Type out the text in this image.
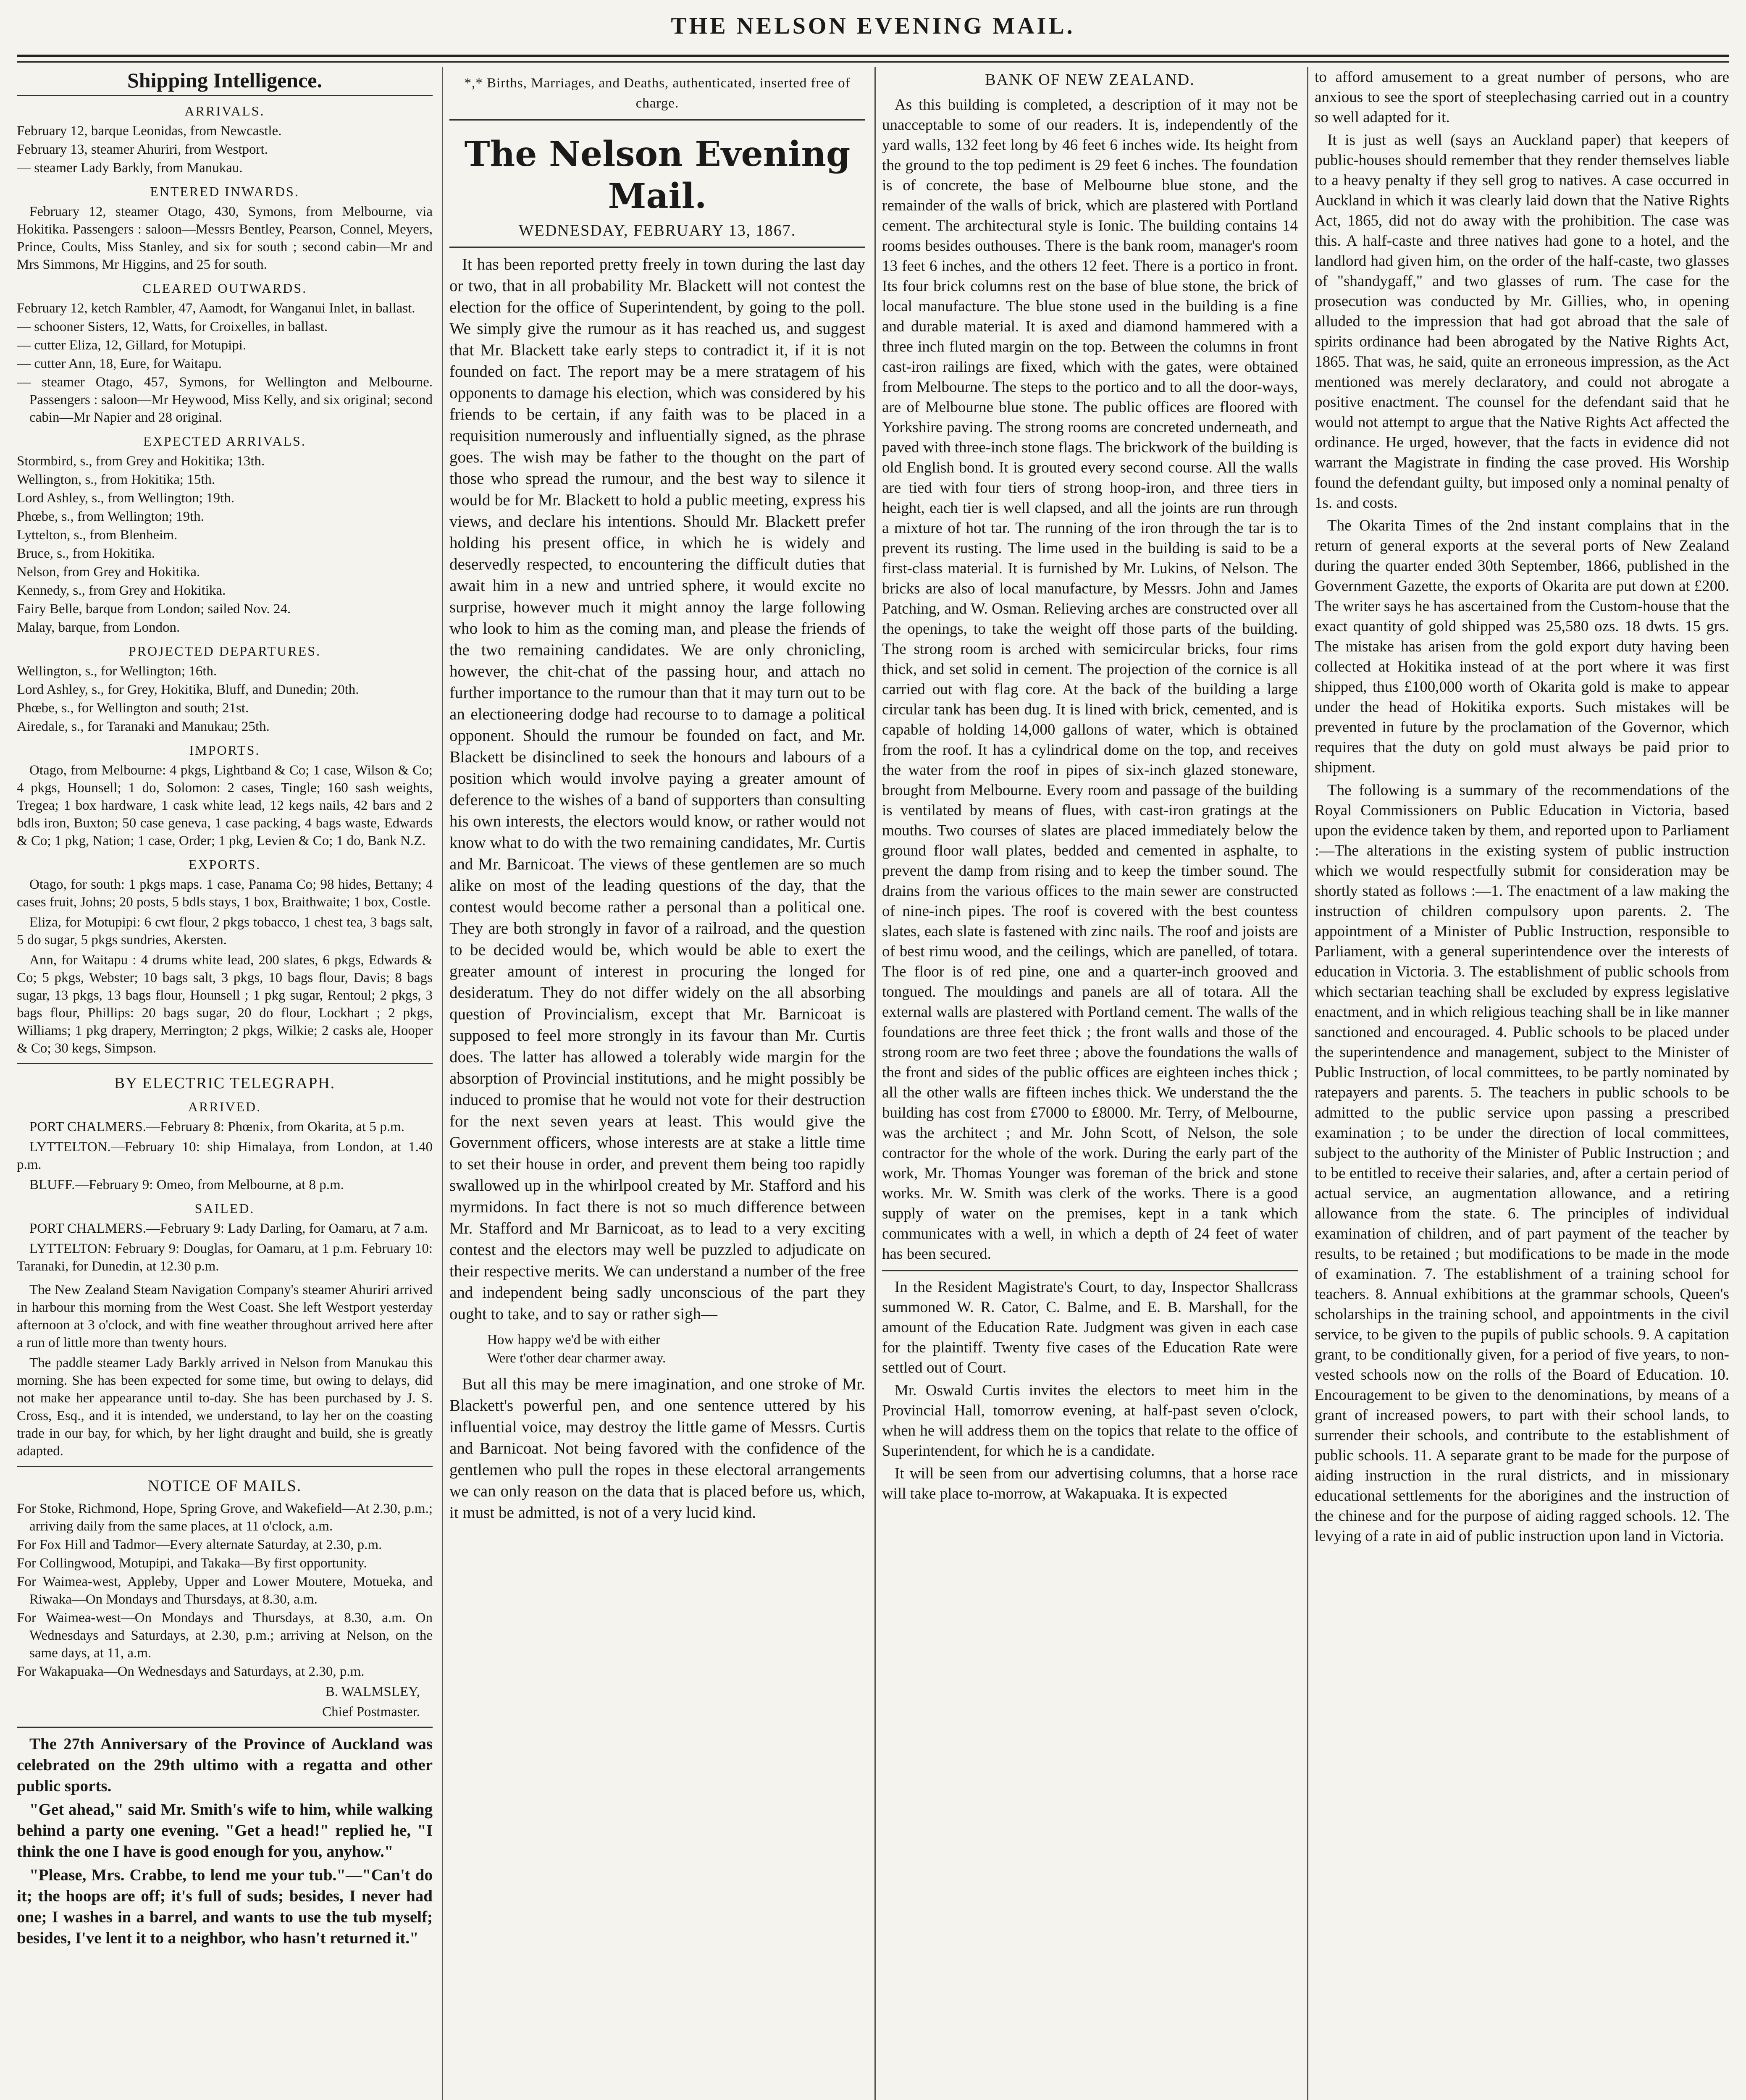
THE NELSON EVENING MAIL.
Shipping Intelligence.
ARRIVALS.
February 12, barque Leonidas, from Newcastle.
February 13, steamer Ahuriri, from Westport.
— steamer Lady Barkly, from Manukau.
ENTERED INWARDS.
February 12, steamer Otago, 430, Symons, from Melbourne, via Hokitika. Passengers : saloon—Messrs Bentley, Pearson, Connel, Meyers, Prince, Coults, Miss Stanley, and six for south ; second cabin—Mr and Mrs Simmons, Mr Higgins, and 25 for south.
CLEARED OUTWARDS.
February 12, ketch Rambler, 47, Aamodt, for Wanganui Inlet, in ballast.
— schooner Sisters, 12, Watts, for Croixelles, in ballast.
— cutter Eliza, 12, Gillard, for Motupipi.
— cutter Ann, 18, Eure, for Waitapu.
— steamer Otago, 457, Symons, for Wellington and Melbourne. Passengers : saloon—Mr Heywood, Miss Kelly, and six original; second cabin—Mr Napier and 28 original.
EXPECTED ARRIVALS.
Stormbird, s., from Grey and Hokitika; 13th.
Wellington, s., from Hokitika; 15th.
Lord Ashley, s., from Wellington; 19th.
Phœbe, s., from Wellington; 19th.
Lyttelton, s., from Blenheim.
Bruce, s., from Hokitika.
Nelson, from Grey and Hokitika.
Kennedy, s., from Grey and Hokitika.
Fairy Belle, barque from London; sailed Nov. 24.
Malay, barque, from London.
PROJECTED DEPARTURES.
Wellington, s., for Wellington; 16th.
Lord Ashley, s., for Grey, Hokitika, Bluff, and Dunedin; 20th.
Phœbe, s., for Wellington and south; 21st.
Airedale, s., for Taranaki and Manukau; 25th.
IMPORTS.
Otago, from Melbourne: 4 pkgs, Lightband & Co; 1 case, Wilson & Co; 4 pkgs, Hounsell; 1 do, Solomon: 2 cases, Tingle; 160 sash weights, Tregea; 1 box hardware, 1 cask white lead, 12 kegs nails, 42 bars and 2 bdls iron, Buxton; 50 case geneva, 1 case packing, 4 bags waste, Edwards & Co; 1 pkg, Nation; 1 case, Order; 1 pkg, Levien & Co; 1 do, Bank N.Z.
EXPORTS.
Otago, for south: 1 pkgs maps. 1 case, Panama Co; 98 hides, Bettany; 4 cases fruit, Johns; 20 posts, 5 bdls stays, 1 box, Braithwaite; 1 box, Costle.
Eliza, for Motupipi: 6 cwt flour, 2 pkgs tobacco, 1 chest tea, 3 bags salt, 5 do sugar, 5 pkgs sundries, Akersten.
Ann, for Waitapu : 4 drums white lead, 200 slates, 6 pkgs, Edwards & Co; 5 pkgs, Webster; 10 bags salt, 3 pkgs, 10 bags flour, Davis; 8 bags sugar, 13 pkgs, 13 bags flour, Hounsell ; 1 pkg sugar, Rentoul; 2 pkgs, 3 bags flour, Phillips: 20 bags sugar, 20 do flour, Lockhart ; 2 pkgs, Williams; 1 pkg drapery, Merrington; 2 pkgs, Wilkie; 2 casks ale, Hooper & Co; 30 kegs, Simpson.
BY ELECTRIC TELEGRAPH.
ARRIVED.
PORT CHALMERS.—February 8: Phœnix, from Okarita, at 5 p.m.
LYTTELTON.—February 10: ship Himalaya, from London, at 1.40 p.m.
BLUFF.—February 9: Omeo, from Melbourne, at 8 p.m.
SAILED.
PORT CHALMERS.—February 9: Lady Darling, for Oamaru, at 7 a.m.
LYTTELTON: February 9: Douglas, for Oamaru, at 1 p.m. February 10: Taranaki, for Dunedin, at 12.30 p.m.
The New Zealand Steam Navigation Company's steamer Ahuriri arrived in harbour this morning from the West Coast. She left Westport yesterday afternoon at 3 o'clock, and with fine weather throughout arrived here after a run of little more than twenty hours.
The paddle steamer Lady Barkly arrived in Nelson from Manukau this morning. She has been expected for some time, but owing to delays, did not make her appearance until to-day. She has been purchased by J. S. Cross, Esq., and it is intended, we understand, to lay her on the coasting trade in our bay, for which, by her light draught and build, she is greatly adapted.
NOTICE OF MAILS.
For Stoke, Richmond, Hope, Spring Grove, and Wakefield—At 2.30, p.m.; arriving daily from the same places, at 11 o'clock, a.m.
For Fox Hill and Tadmor—Every alternate Saturday, at 2.30, p.m.
For Collingwood, Motupipi, and Takaka—By first opportunity.
For Waimea-west, Appleby, Upper and Lower Moutere, Motueka, and Riwaka—On Mondays and Thursdays, at 8.30, a.m.
For Waimea-west—On Mondays and Thursdays, at 8.30, a.m. On Wednesdays and Saturdays, at 2.30, p.m.; arriving at Nelson, on the same days, at 11, a.m.
For Wakapuaka—On Wednesdays and Saturdays, at 2.30, p.m.
B. WALMSLEY,
Chief Postmaster.

The 27th Anniversary of the Province of Auckland was celebrated on the 29th ultimo with a regatta and other public sports.

"Get ahead," said Mr. Smith's wife to him, while walking behind a party one evening. "Get a head!" replied he, "I think the one I have is good enough for you, anyhow."

"Please, Mrs. Crabbe, to lend me your tub."—"Can't do it; the hoops are off; it's full of suds; besides, I never had one; I washes in a barrel, and wants to use the tub myself; besides, I've lent it to a neighbor, who hasn't returned it."

*,* Births, Marriages, and Deaths, authenticated, inserted free of charge.
The Nelson Evening Mail.
WEDNESDAY, FEBRUARY 13, 1867.

It has been reported pretty freely in town during the last day or two, that in all probability Mr. Blackett will not contest the election for the office of Superintendent, by going to the poll. We simply give the rumour as it has reached us, and suggest that Mr. Blackett take early steps to contradict it, if it is not founded on fact. The report may be a mere stratagem of his opponents to damage his election, which was considered by his friends to be certain, if any faith was to be placed in a requisition numerously and influentially signed, as the phrase goes. The wish may be father to the thought on the part of those who spread the rumour, and the best way to silence it would be for Mr. Blackett to hold a public meeting, express his views, and declare his intentions. Should Mr. Blackett prefer holding his present office, in which he is widely and deservedly respected, to encountering the difficult duties that await him in a new and untried sphere, it would excite no surprise, however much it might annoy the large following who look to him as the coming man, and please the friends of the two remaining candidates. We are only chronicling, however, the chit-chat of the passing hour, and attach no further importance to the rumour than that it may turn out to be an electioneering dodge had recourse to to damage a political opponent. Should the rumour be founded on fact, and Mr. Blackett be disinclined to seek the honours and labours of a position which would involve paying a greater amount of deference to the wishes of a band of supporters than consulting his own interests, the electors would know, or rather would not know what to do with the two remaining candidates, Mr. Curtis and Mr. Barnicoat. The views of these gentlemen are so much alike on most of the leading questions of the day, that the contest would become rather a personal than a political one. They are both strongly in favor of a railroad, and the question to be decided would be, which would be able to exert the greater amount of interest in procuring the longed for desideratum. They do not differ widely on the all absorbing question of Provincialism, except that Mr. Barnicoat is supposed to feel more strongly in its favour than Mr. Curtis does. The latter has allowed a tolerably wide margin for the absorption of Provincial institutions, and he might possibly be induced to promise that he would not vote for their destruction for the next seven years at least. This would give the Government officers, whose interests are at stake a little time to set their house in order, and prevent them being too rapidly swallowed up in the whirlpool created by Mr. Stafford and his myrmidons. In fact there is not so much difference between Mr. Stafford and Mr Barnicoat, as to lead to a very exciting contest and the electors may well be puzzled to adjudicate on their respective merits. We can understand a number of the free and independent being sadly unconscious of the part they ought to take, and to say or rather sigh—

How happy we'd be with either
Were t'other dear charmer away.

But all this may be mere imagination, and one stroke of Mr. Blackett's powerful pen, and one sentence uttered by his influential voice, may destroy the little game of Messrs. Curtis and Barnicoat. Not being favored with the confidence of the gentlemen who pull the ropes in these electoral arrangements we can only reason on the data that is placed before us, which, it must be admitted, is not of a very lucid kind.

BANK OF NEW ZEALAND.
As this building is completed, a description of it may not be unacceptable to some of our readers. It is, independently of the yard walls, 132 feet long by 46 feet 6 inches wide. Its height from the ground to the top pediment is 29 feet 6 inches. The foundation is of concrete, the base of Melbourne blue stone, and the remainder of the walls of brick, which are plastered with Portland cement. The architectural style is Ionic. The building contains 14 rooms besides outhouses. There is the bank room, manager's room 13 feet 6 inches, and the others 12 feet. There is a portico in front. Its four brick columns rest on the base of blue stone, the brick of local manufacture. The blue stone used in the building is a fine and durable material. It is axed and diamond hammered with a three inch fluted margin on the top. Between the columns in front cast-iron railings are fixed, which with the gates, were obtained from Melbourne. The steps to the portico and to all the door-ways, are of Melbourne blue stone. The public offices are floored with Yorkshire paving. The strong rooms are concreted underneath, and paved with three-inch stone flags. The brickwork of the building is old English bond. It is grouted every second course. All the walls are tied with four tiers of strong hoop-iron, and three tiers in height, each tier is well clapsed, and all the joints are run through a mixture of hot tar. The running of the iron through the tar is to prevent its rusting. The lime used in the building is said to be a first-class material. It is furnished by Mr. Lukins, of Nelson. The bricks are also of local manufacture, by Messrs. John and James Patching, and W. Osman. Relieving arches are constructed over all the openings, to take the weight off those parts of the building. The strong room is arched with semicircular bricks, four rims thick, and set solid in cement. The projection of the cornice is all carried out with flag core. At the back of the building a large circular tank has been dug. It is lined with brick, cemented, and is capable of holding 14,000 gallons of water, which is obtained from the roof. It has a cylindrical dome on the top, and receives the water from the roof in pipes of six-inch glazed stoneware, brought from Melbourne. Every room and passage of the building is ventilated by means of flues, with cast-iron gratings at the mouths. Two courses of slates are placed immediately below the ground floor wall plates, bedded and cemented in asphalte, to prevent the damp from rising and to keep the timber sound. The drains from the various offices to the main sewer are constructed of nine-inch pipes. The roof is covered with the best countess slates, each slate is fastened with zinc nails. The roof and joists are of best rimu wood, and the ceilings, which are panelled, of totara. The floor is of red pine, one and a quarter-inch grooved and tongued. The mouldings and panels are all of totara. All the external walls are plastered with Portland cement. The walls of the foundations are three feet thick ; the front walls and those of the strong room are two feet three ; above the foundations the walls of the front and sides of the public offices are eighteen inches thick ; all the other walls are fifteen inches thick. We understand the the building has cost from £7000 to £8000. Mr. Terry, of Melbourne, was the architect ; and Mr. John Scott, of Nelson, the sole contractor for the whole of the work. During the early part of the work, Mr. Thomas Younger was foreman of the brick and stone works. Mr. W. Smith was clerk of the works. There is a good supply of water on the premises, kept in a tank which communicates with a well, in which a depth of 24 feet of water has been secured.
In the Resident Magistrate's Court, to day, Inspector Shallcrass summoned W. R. Cator, C. Balme, and E. B. Marshall, for the amount of the Education Rate. Judgment was given in each case for the plaintiff. Twenty five cases of the Education Rate were settled out of Court.
Mr. Oswald Curtis invites the electors to meet him in the Provincial Hall, tomorrow evening, at half-past seven o'clock, when he will address them on the topics that relate to the office of Superintendent, for which he is a candidate.
It will be seen from our advertising columns, that a horse race will take place to-morrow, at Wakapuaka. It is expected
to afford amusement to a great number of persons, who are anxious to see the sport of steeplechasing carried out in a country so well adapted for it.
It is just as well (says an Auckland paper) that keepers of public-houses should remember that they render themselves liable to a heavy penalty if they sell grog to natives. A case occurred in Auckland in which it was clearly laid down that the Native Rights Act, 1865, did not do away with the prohibition. The case was this. A half-caste and three natives had gone to a hotel, and the landlord had given him, on the order of the half-caste, two glasses of "shandygaff," and two glasses of rum. The case for the prosecution was conducted by Mr. Gillies, who, in opening alluded to the impression that had got abroad that the sale of spirits ordinance had been abrogated by the Native Rights Act, 1865. That was, he said, quite an erroneous impression, as the Act mentioned was merely declaratory, and could not abrogate a positive enactment. The counsel for the defendant said that he would not attempt to argue that the Native Rights Act affected the ordinance. He urged, however, that the facts in evidence did not warrant the Magistrate in finding the case proved. His Worship found the defendant guilty, but imposed only a nominal penalty of 1s. and costs.
The Okarita Times of the 2nd instant complains that in the return of general exports at the several ports of New Zealand during the quarter ended 30th September, 1866, published in the Government Gazette, the exports of Okarita are put down at £200. The writer says he has ascertained from the Custom-house that the exact quantity of gold shipped was 25,580 ozs. 18 dwts. 15 grs. The mistake has arisen from the gold export duty having been collected at Hokitika instead of at the port where it was first shipped, thus £100,000 worth of Okarita gold is make to appear under the head of Hokitika exports. Such mistakes will be prevented in future by the proclamation of the Governor, which requires that the duty on gold must always be paid prior to shipment.
The following is a summary of the recommendations of the Royal Commissioners on Public Education in Victoria, based upon the evidence taken by them, and reported upon to Parliament :—The alterations in the existing system of public instruction which we would respectfully submit for consideration may be shortly stated as follows :—1. The enactment of a law making the instruction of children compulsory upon parents. 2. The appointment of a Minister of Public Instruction, responsible to Parliament, with a general superintendence over the interests of education in Victoria. 3. The establishment of public schools from which sectarian teaching shall be excluded by express legislative enactment, and in which religious teaching shall be in like manner sanctioned and encouraged. 4. Public schools to be placed under the superintendence and management, subject to the Minister of Public Instruction, of local committees, to be partly nominated by ratepayers and parents. 5. The teachers in public schools to be admitted to the public service upon passing a prescribed examination ; to be under the direction of local committees, subject to the authority of the Minister of Public Instruction ; and to be entitled to receive their salaries, and, after a certain period of actual service, an augmentation allowance, and a retiring allowance from the state. 6. The principles of individual examination of children, and of part payment of the teacher by results, to be retained ; but modifications to be made in the mode of examination. 7. The establishment of a training school for teachers. 8. Annual exhibitions at the grammar schools, Queen's scholarships in the training school, and appointments in the civil service, to be given to the pupils of public schools. 9. A capitation grant, to be conditionally given, for a period of five years, to non-vested schools now on the rolls of the Board of Education. 10. Encouragement to be given to the denominations, by means of a grant of increased powers, to part with their school lands, to surrender their schools, and contribute to the establishment of public schools. 11. A separate grant to be made for the purpose of aiding instruction in the rural districts, and in missionary educational settlements for the aborigines and the instruction of the chinese and for the purpose of aiding ragged schools. 12. The levying of a rate in aid of public instruction upon land in Victoria.
